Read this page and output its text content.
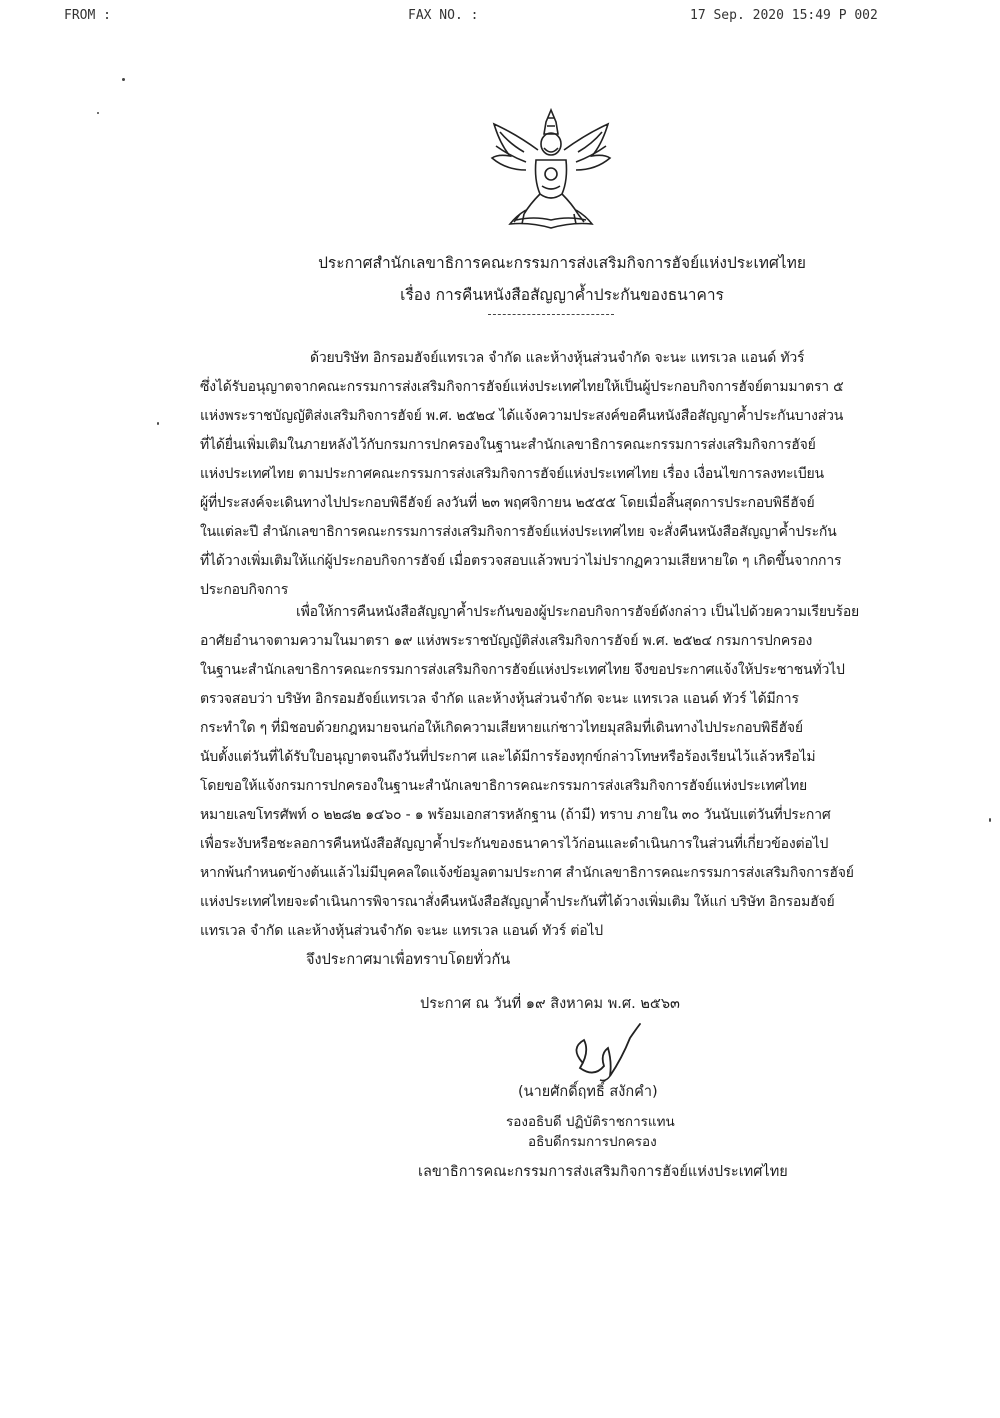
FROM :	FAX NO. :	17 Sep. 2020 15:49 P 002
ประกาศสำนักเลขาธิการคณะกรรมการส่งเสริมกิจการฮัจย์แห่งประเทศไทย
เรื่อง การคืนหนังสือสัญญาค้ำประกันของธนาคาร
ด้วยบริษัท อิกรอมฮัจย์แทรเวล จำกัด และห้างหุ้นส่วนจำกัด จะนะ แทรเวล แอนด์ ทัวร์
ซึ่งได้รับอนุญาตจากคณะกรรมการส่งเสริมกิจการฮัจย์แห่งประเทศไทยให้เป็นผู้ประกอบกิจการฮัจย์ตามมาตรา ๕
แห่งพระราชบัญญัติส่งเสริมกิจการฮัจย์ พ.ศ. ๒๕๒๔ ได้แจ้งความประสงค์ขอคืนหนังสือสัญญาค้ำประกันบางส่วน
ที่ได้ยื่นเพิ่มเติมในภายหลังไว้กับกรมการปกครองในฐานะสำนักเลขาธิการคณะกรรมการส่งเสริมกิจการฮัจย์
แห่งประเทศไทย ตามประกาศคณะกรรมการส่งเสริมกิจการฮัจย์แห่งประเทศไทย เรื่อง เงื่อนไขการลงทะเบียน
ผู้ที่ประสงค์จะเดินทางไปประกอบพิธีฮัจย์ ลงวันที่ ๒๓ พฤศจิกายน ๒๕๕๕ โดยเมื่อสิ้นสุดการประกอบพิธีฮัจย์
ในแต่ละปี สำนักเลขาธิการคณะกรรมการส่งเสริมกิจการฮัจย์แห่งประเทศไทย จะสั่งคืนหนังสือสัญญาค้ำประกัน
ที่ได้วางเพิ่มเติมให้แก่ผู้ประกอบกิจการฮัจย์ เมื่อตรวจสอบแล้วพบว่าไม่ปรากฏความเสียหายใด ๆ เกิดขึ้นจากการ
ประกอบกิจการ
เพื่อให้การคืนหนังสือสัญญาค้ำประกันของผู้ประกอบกิจการฮัจย์ดังกล่าว เป็นไปด้วยความเรียบร้อย
อาศัยอำนาจตามความในมาตรา ๑๙ แห่งพระราชบัญญัติส่งเสริมกิจการฮัจย์ พ.ศ. ๒๕๒๔ กรมการปกครอง
ในฐานะสำนักเลขาธิการคณะกรรมการส่งเสริมกิจการฮัจย์แห่งประเทศไทย จึงขอประกาศแจ้งให้ประชาชนทั่วไป
ตรวจสอบว่า บริษัท อิกรอมฮัจย์แทรเวล จำกัด และห้างหุ้นส่วนจำกัด จะนะ แทรเวล แอนด์ ทัวร์ ได้มีการ
กระทำใด ๆ ที่มิชอบด้วยกฎหมายจนก่อให้เกิดความเสียหายแก่ชาวไทยมุสลิมที่เดินทางไปประกอบพิธีฮัจย์
นับตั้งแต่วันที่ได้รับใบอนุญาตจนถึงวันที่ประกาศ และได้มีการร้องทุกข์กล่าวโทษหรือร้องเรียนไว้แล้วหรือไม่
โดยขอให้แจ้งกรมการปกครองในฐานะสำนักเลขาธิการคณะกรรมการส่งเสริมกิจการฮัจย์แห่งประเทศไทย
หมายเลขโทรศัพท์ ๐ ๒๒๘๒ ๑๔๖๐ - ๑ พร้อมเอกสารหลักฐาน (ถ้ามี) ทราบ ภายใน ๓๐ วันนับแต่วันที่ประกาศ
เพื่อระงับหรือชะลอการคืนหนังสือสัญญาค้ำประกันของธนาคารไว้ก่อนและดำเนินการในส่วนที่เกี่ยวข้องต่อไป
หากพ้นกำหนดข้างต้นแล้วไม่มีบุคคลใดแจ้งข้อมูลตามประกาศ สำนักเลขาธิการคณะกรรมการส่งเสริมกิจการฮัจย์
แห่งประเทศไทยจะดำเนินการพิจารณาสั่งคืนหนังสือสัญญาค้ำประกันที่ได้วางเพิ่มเติม ให้แก่ บริษัท อิกรอมฮัจย์
แทรเวล จำกัด และห้างหุ้นส่วนจำกัด จะนะ แทรเวล แอนด์ ทัวร์ ต่อไป
จึงประกาศมาเพื่อทราบโดยทั่วกัน
ประกาศ ณ วันที่ ๑๙ สิงหาคม พ.ศ. ๒๕๖๓
(นายศักดิ์ฤทธิ์ สงักคำ)
รองอธิบดี ปฏิบัติราชการแทน
อธิบดีกรมการปกครอง
เลขาธิการคณะกรรมการส่งเสริมกิจการฮัจย์แห่งประเทศไทย
